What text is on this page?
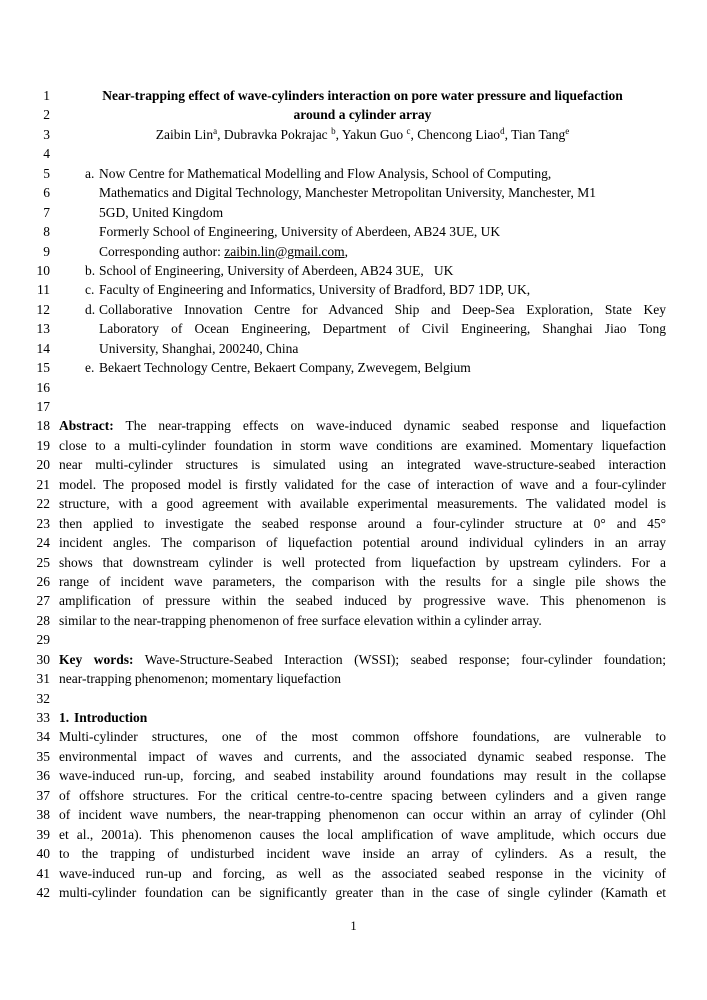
1	Near-trapping effect of wave-cylinders interaction on pore water pressure and liquefaction
2	around a cylinder array
3	Zaibin Lin$^a$, Dubravka Pokrajac $^b$, Yakun Guo $^c$, Chencong Liao$^d$, Tian Tang$^e$
4
5	a. Now Centre for Mathematical Modelling and Flow Analysis, School of Computing,
6	Mathematics and Digital Technology, Manchester Metropolitan University, Manchester, M1
7	5GD, United Kingdom
8	Formerly School of Engineering, University of Aberdeen, AB24 3UE, UK
9	Corresponding author: zaibin.lin@gmail.com,
10	b. School of Engineering, University of Aberdeen, AB24 3UE,   UK
11	c. Faculty of Engineering and Informatics, University of Bradford, BD7 1DP, UK,
12	d. Collaborative Innovation Centre for Advanced Ship and Deep-Sea Exploration, State Key
13	Laboratory of Ocean Engineering, Department of Civil Engineering, Shanghai Jiao Tong
14	University, Shanghai, 200240, China
15	e. Bekaert Technology Centre, Bekaert Company, Zwevegem, Belgium
16
17
18 Abstract: The near-trapping effects on wave-induced dynamic seabed response and liquefaction
19 close to a multi-cylinder foundation in storm wave conditions are examined. Momentary liquefaction
20 near multi-cylinder structures is simulated using an integrated wave-structure-seabed interaction
21 model. The proposed model is firstly validated for the case of interaction of wave and a four-cylinder
22 structure, with a good agreement with available experimental measurements. The validated model is
23 then applied to investigate the seabed response around a four-cylinder structure at 0° and 45°
24 incident angles. The comparison of liquefaction potential around individual cylinders in an array
25 shows that downstream cylinder is well protected from liquefaction by upstream cylinders. For a
26 range of incident wave parameters, the comparison with the results for a single pile shows the
27 amplification of pressure within the seabed induced by progressive wave. This phenomenon is
28 similar to the near-trapping phenomenon of free surface elevation within a cylinder array.
29
30 Key words: Wave-Structure-Seabed Interaction (WSSI); seabed response; four-cylinder foundation;
31 near-trapping phenomenon; momentary liquefaction
32
33 1. Introduction
34 Multi-cylinder structures, one of the most common offshore foundations, are vulnerable to
35 environmental impact of waves and currents, and the associated dynamic seabed response. The
36 wave-induced run-up, forcing, and seabed instability around foundations may result in the collapse
37 of offshore structures. For the critical centre-to-centre spacing between cylinders and a given range
38 of incident wave numbers, the near-trapping phenomenon can occur within an array of cylinder (Ohl
39 et al., 2001a). This phenomenon causes the local amplification of wave amplitude, which occurs due
40 to the trapping of undisturbed incident wave inside an array of cylinders. As a result, the
41 wave-induced run-up and forcing, as well as the associated seabed response in the vicinity of
42 multi-cylinder foundation can be significantly greater than in the case of single cylinder (Kamath et
1
